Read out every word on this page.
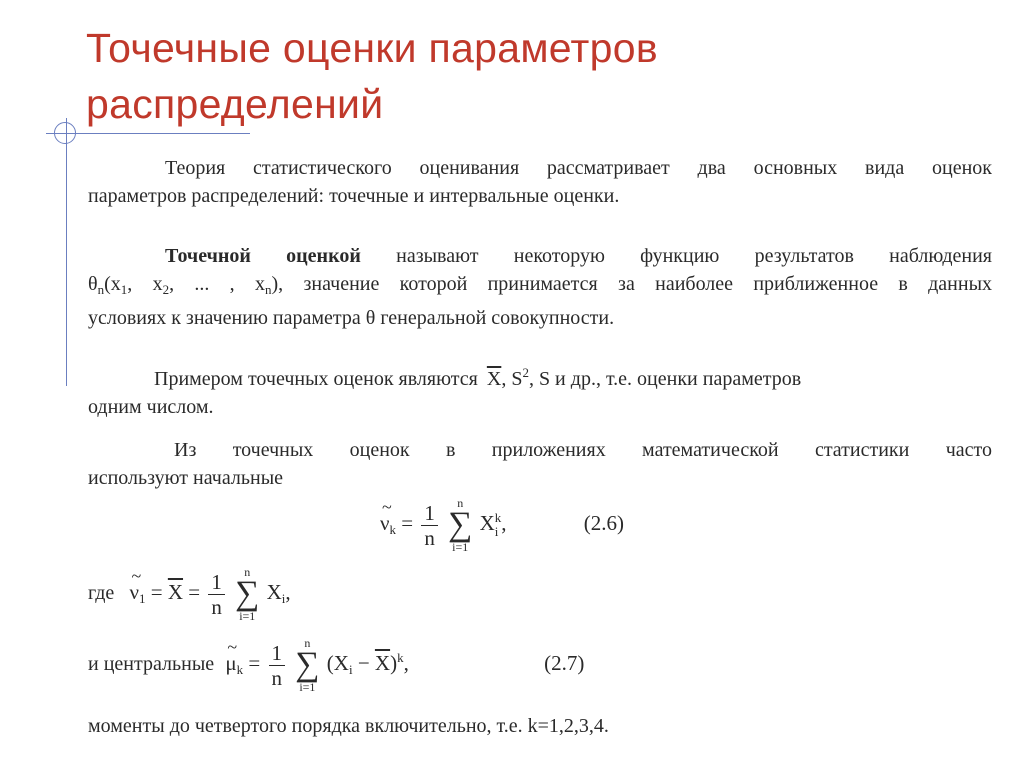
Точечные оценки параметров
распределений
Теория статистического оценивания рассматривает два основных вида оценок
параметров распределений: точечные и интервальные оценки.
Точечной оценкой называют некоторую функцию результатов наблюдения
$\theta_n(x_1$, $x_2$, ... , $x_n$), значение которой принимается за наиболее приближенное в данных
условиях к значению параметра θ генеральной совокупности.
Примером точечных оценок являются $\overline{X}$, $S^2$, S и др., т.е. оценки параметров
одним числом.
Из точечных оценок в приложениях математической статистики часто
используют начальные
~ $\nu_k = \frac{1}{n}$
	n
∑
i=1
X k
i ,	(2.6)
где ~ $\nu_1 = \overline{X} = \frac{1}{n}$
	n
∑
i=1
$X_i$,
и центральные ~ $\mu_k = \frac{1}{n}$
	n
∑
i=1
$(X_i - \overline{X})^k$,	(2.7)
моменты до четвертого порядка включительно, т.е. k=1,2,3,4.
